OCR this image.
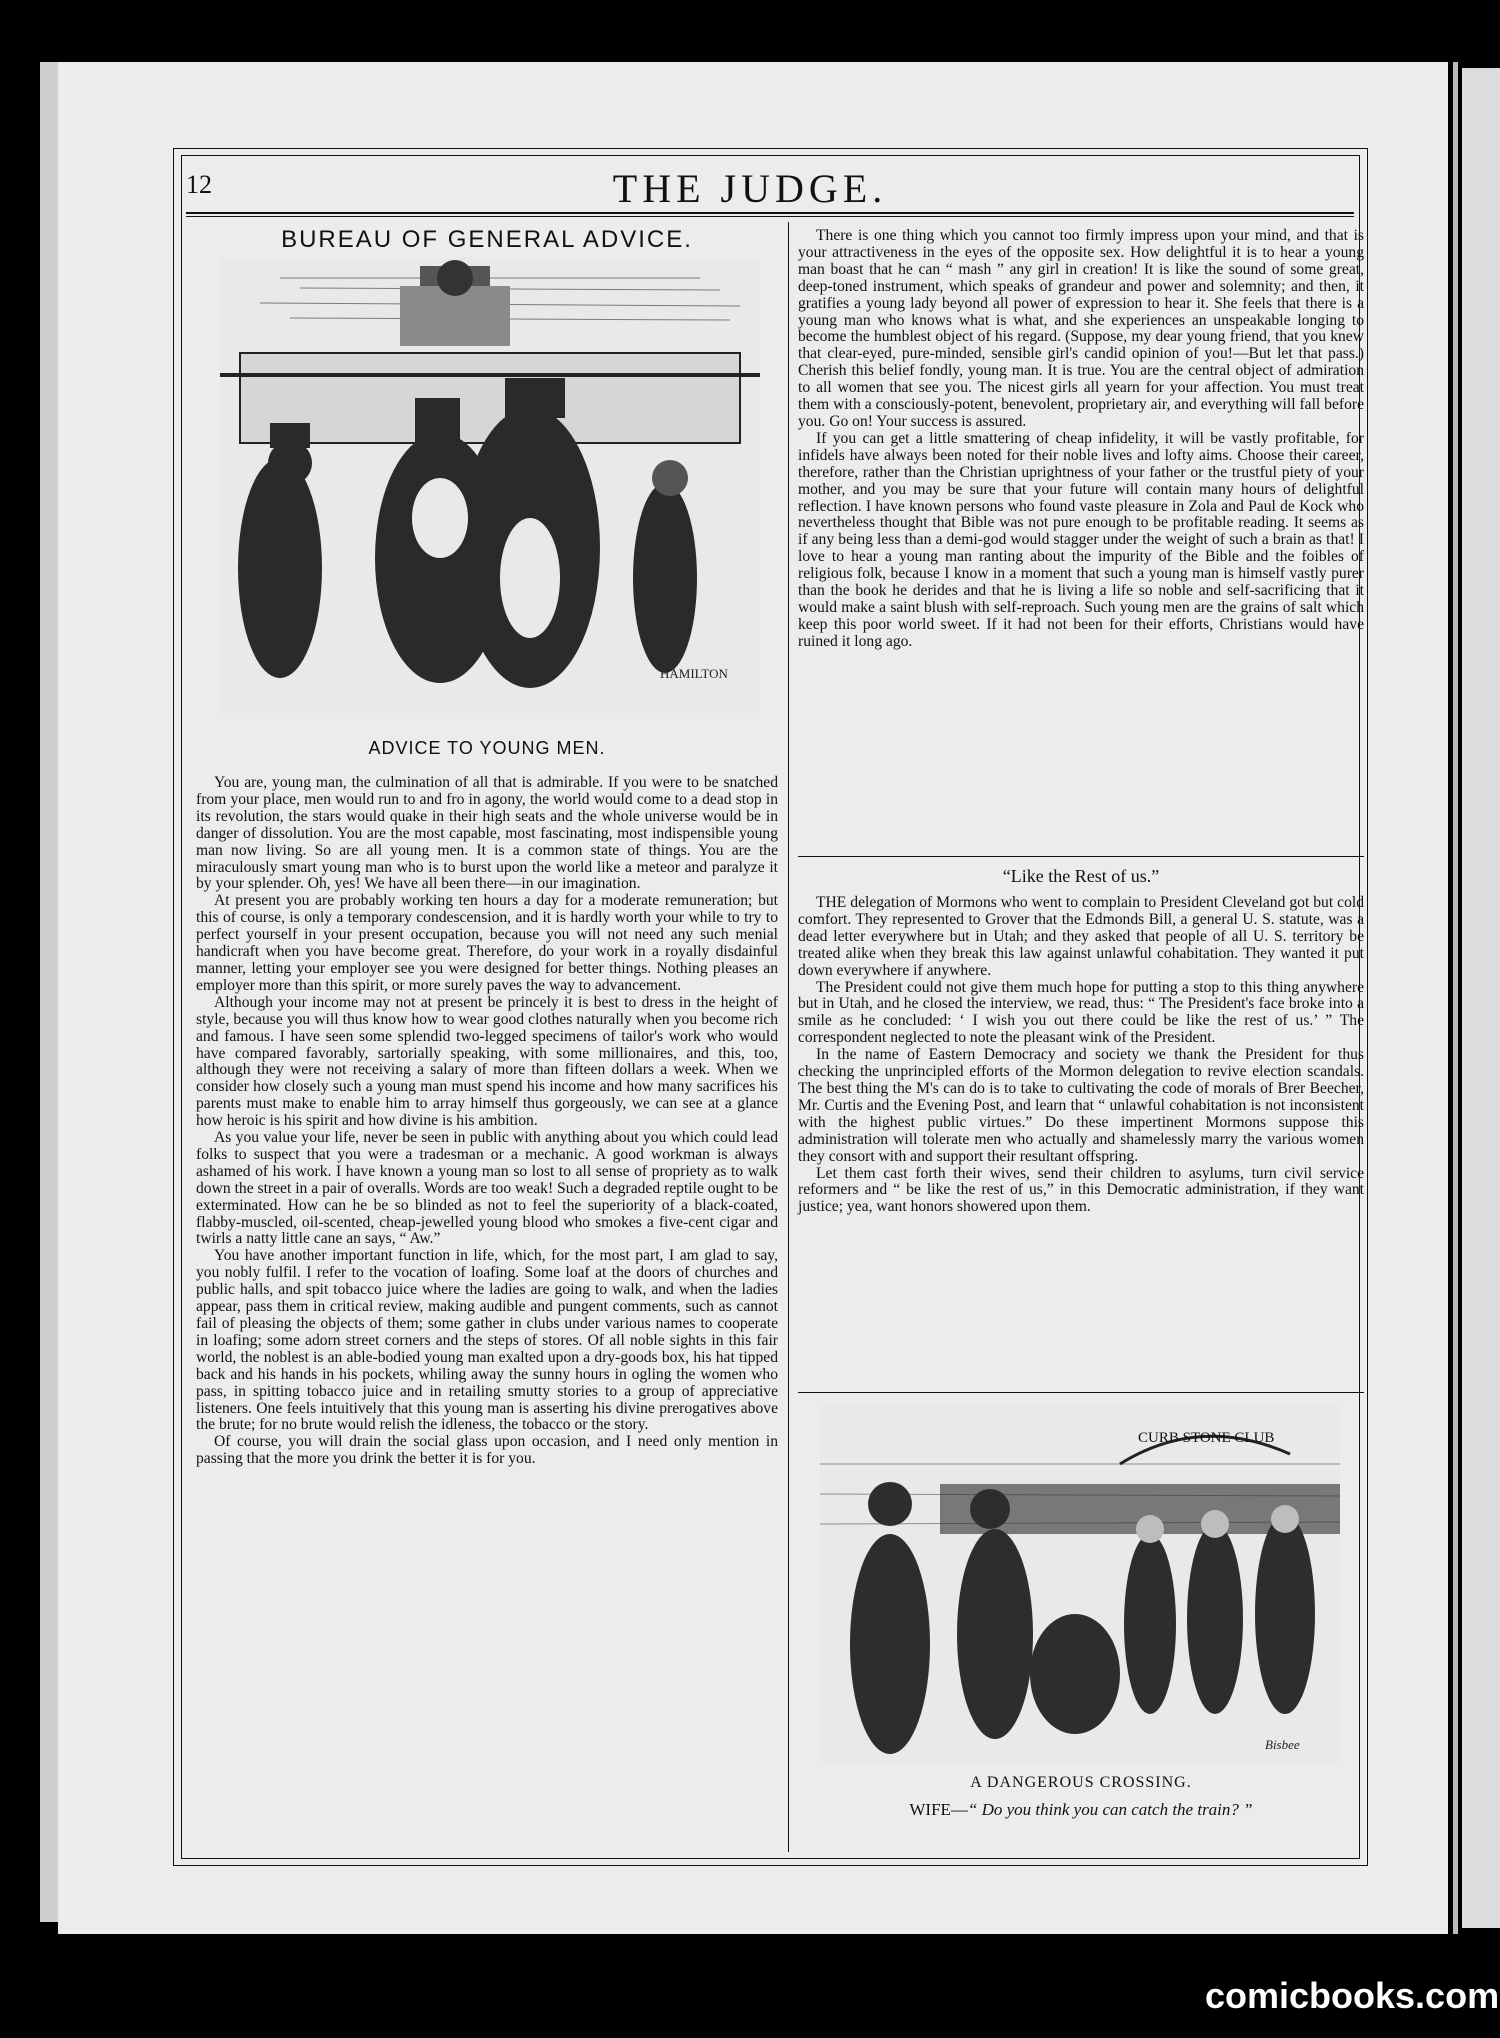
12	THE JUDGE.
BUREAU OF GENERAL ADVICE.
HAMILTON
ADVICE TO YOUNG MEN.

You are, young man, the culmination of all that is admirable. If you were to be snatched from your place, men would run to and fro in agony, the world would come to a dead stop in its revolution, the stars would quake in their high seats and the whole universe would be in danger of dissolution. You are the most capable, most fascinating, most indispensible young man now living. So are all young men. It is a common state of things. You are the miraculously smart young man who is to burst upon the world like a meteor and paralyze it by your splender. Oh, yes! We have all been there—in our imagination.

At present you are probably working ten hours a day for a moderate remuneration; but this of course, is only a temporary condescension, and it is hardly worth your while to try to perfect yourself in your present occupation, because you will not need any such menial handicraft when you have become great. Therefore, do your work in a royally disdainful manner, letting your employer see you were designed for better things. Nothing pleases an employer more than this spirit, or more surely paves the way to advancement.

Although your income may not at present be princely it is best to dress in the height of style, because you will thus know how to wear good clothes naturally when you become rich and famous. I have seen some splendid two-legged specimens of tailor's work who would have compared favorably, sartorially speaking, with some millionaires, and this, too, although they were not receiving a salary of more than fifteen dollars a week. When we consider how closely such a young man must spend his income and how many sacrifices his parents must make to enable him to array himself thus gorgeously, we can see at a glance how heroic is his spirit and how divine is his ambition.

As you value your life, never be seen in public with anything about you which could lead folks to suspect that you were a tradesman or a mechanic. A good workman is always ashamed of his work. I have known a young man so lost to all sense of propriety as to walk down the street in a pair of overalls. Words are too weak! Such a degraded reptile ought to be exterminated. How can he be so blinded as not to feel the superiority of a black-coated, flabby-muscled, oil-scented, cheap-jewelled young blood who smokes a five-cent cigar and twirls a natty little cane an says, “ Aw.”

You have another important function in life, which, for the most part, I am glad to say, you nobly fulfil. I refer to the vocation of loafing. Some loaf at the doors of churches and public halls, and spit tobacco juice where the ladies are going to walk, and when the ladies appear, pass them in critical review, making audible and pungent comments, such as cannot fail of pleasing the objects of them; some gather in clubs under various names to cooperate in loafing; some adorn street corners and the steps of stores. Of all noble sights in this fair world, the noblest is an able-bodied young man exalted upon a dry-goods box, his hat tipped back and his hands in his pockets, whiling away the sunny hours in ogling the women who pass, in spitting tobacco juice and in retailing smutty stories to a group of appreciative listeners. One feels intuitively that this young man is asserting his divine prerogatives above the brute; for no brute would relish the idleness, the tobacco or the story.

Of course, you will drain the social glass upon occasion, and I need only mention in passing that the more you drink the better it is for you.

There is one thing which you cannot too firmly impress upon your mind, and that is your attractiveness in the eyes of the opposite sex. How delightful it is to hear a young man boast that he can “ mash ” any girl in creation! It is like the sound of some great, deep-toned instrument, which speaks of grandeur and power and solemnity; and then, it gratifies a young lady beyond all power of expression to hear it. She feels that there is a young man who knows what is what, and she experiences an unspeakable longing to become the humblest object of his regard. (Suppose, my dear young friend, that you knew that clear-eyed, pure-minded, sensible girl's candid opinion of you!—But let that pass.) Cherish this belief fondly, young man. It is true. You are the central object of admiration to all women that see you. The nicest girls all yearn for your affection. You must treat them with a consciously-potent, benevolent, proprietary air, and everything will fall before you. Go on! Your success is assured.

If you can get a little smattering of cheap infidelity, it will be vastly profitable, for infidels have always been noted for their noble lives and lofty aims. Choose their career, therefore, rather than the Christian uprightness of your father or the trustful piety of your mother, and you may be sure that your future will contain many hours of delightful reflection. I have known persons who found vaste pleasure in Zola and Paul de Kock who nevertheless thought that Bible was not pure enough to be profitable reading. It seems as if any being less than a demi-god would stagger under the weight of such a brain as that! I love to hear a young man ranting about the impurity of the Bible and the foibles of religious folk, because I know in a moment that such a young man is himself vastly purer than the book he derides and that he is living a life so noble and self-sacrificing that it would make a saint blush with self-reproach. Such young men are the grains of salt which keep this poor world sweet. If it had not been for their efforts, Christians would have ruined it long ago.

“Like the Rest of us.”

THE delegation of Mormons who went to complain to President Cleveland got but cold comfort. They represented to Grover that the Edmonds Bill, a general U. S. statute, was a dead letter everywhere but in Utah; and they asked that people of all U. S. territory be treated alike when they break this law against unlawful cohabitation. They wanted it put down everywhere if anywhere.

The President could not give them much hope for putting a stop to this thing anywhere but in Utah, and he closed the interview, we read, thus: “ The President's face broke into a smile as he concluded: ‘ I wish you out there could be like the rest of us.’ ” The correspondent neglected to note the pleasant wink of the President.

In the name of Eastern Democracy and society we thank the President for thus checking the unprincipled efforts of the Mormon delegation to revive election scandals. The best thing the M's can do is to take to cultivating the code of morals of Brer Beecher, Mr. Curtis and the Evening Post, and learn that “ unlawful cohabitation is not inconsistent with the highest public virtues.” Do these impertinent Mormons suppose this administration will tolerate men who actually and shamelessly marry the various women they consort with and support their resultant offspring.

Let them cast forth their wives, send their children to asylums, turn civil service reformers and “ be like the rest of us,” in this Democratic administration, if they want justice; yea, want honors showered upon them.

CURB STONE CLUB
Bisbee
A DANGEROUS CROSSING.
WIFE—“ Do you think you can catch the train? ”
comicbooks.com
